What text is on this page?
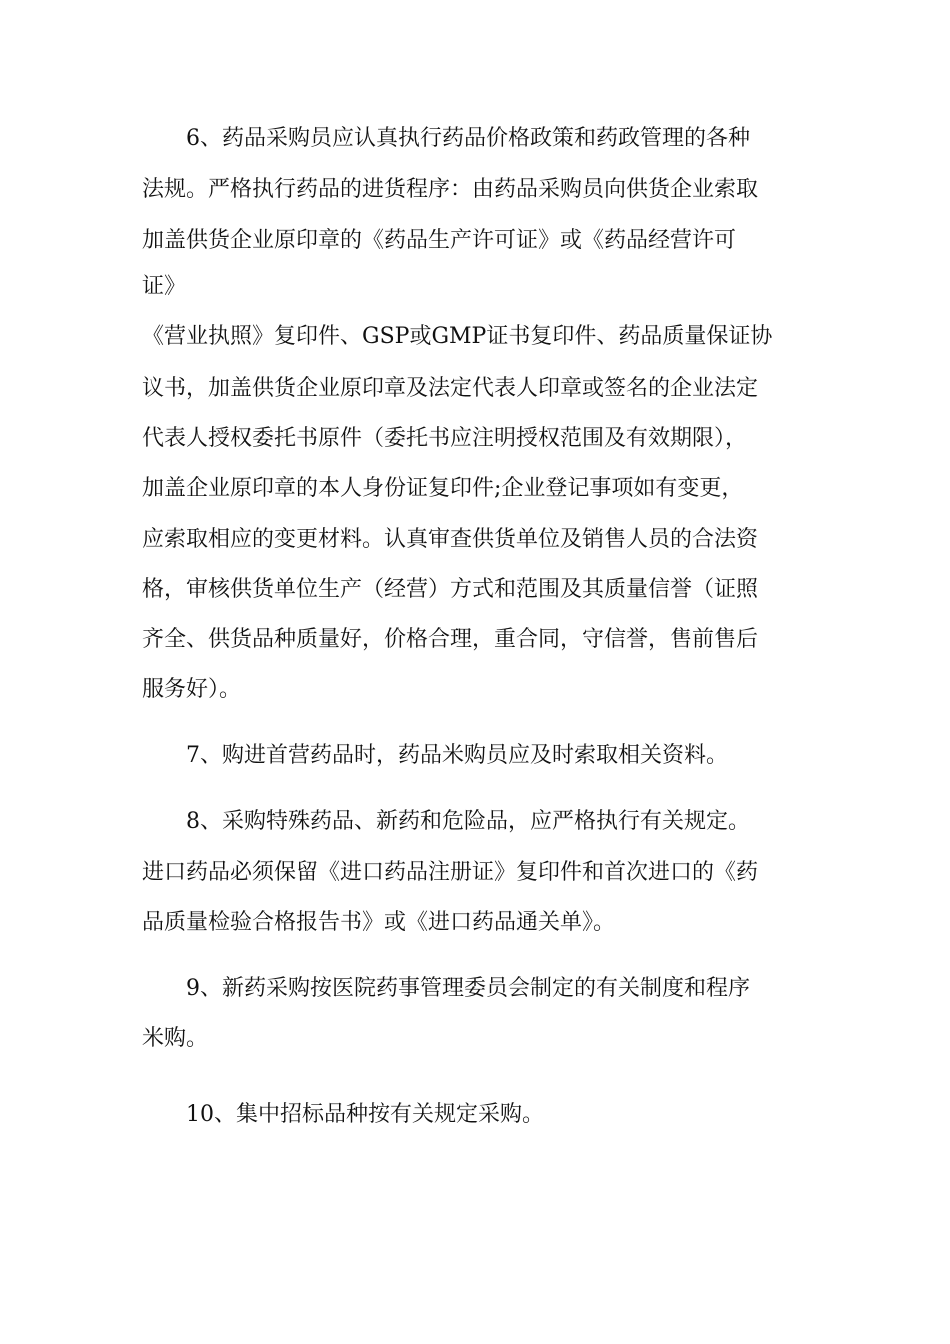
　　6、药品采购员应认真执行药品价格政策和药政管理的各种

法规。严格执行药品的进货程序：由药品采购员向供货企业索取

加盖供货企业原印章的《药品生产许可证》或《药品经营许可

证》

《营业执照》复印件、GSP或GMP证书复印件、药品质量保证协

议书，加盖供货企业原印章及法定代表人印章或签名的企业法定

代表人授权委托书原件（委托书应注明授权范围及有效期限），

加盖企业原印章的本人身份证复印件;企业登记事项如有变更，

应索取相应的变更材料。认真审查供货单位及销售人员的合法资

格，审核供货单位生产（经营）方式和范围及其质量信誉（证照

齐全、供货品种质量好，价格合理，重合同，守信誉，售前售后

服务好）。

　　7、购进首营药品时，药品米购员应及时索取相关资料。

　　8、采购特殊药品、新药和危险品，应严格执行有关规定。

进口药品必须保留《进口药品注册证》复印件和首次进口的《药

品质量检验合格报告书》或《进口药品通关单》。

　　9、新药采购按医院药事管理委员会制定的有关制度和程序

米购。

　　10、集中招标品种按有关规定采购。
